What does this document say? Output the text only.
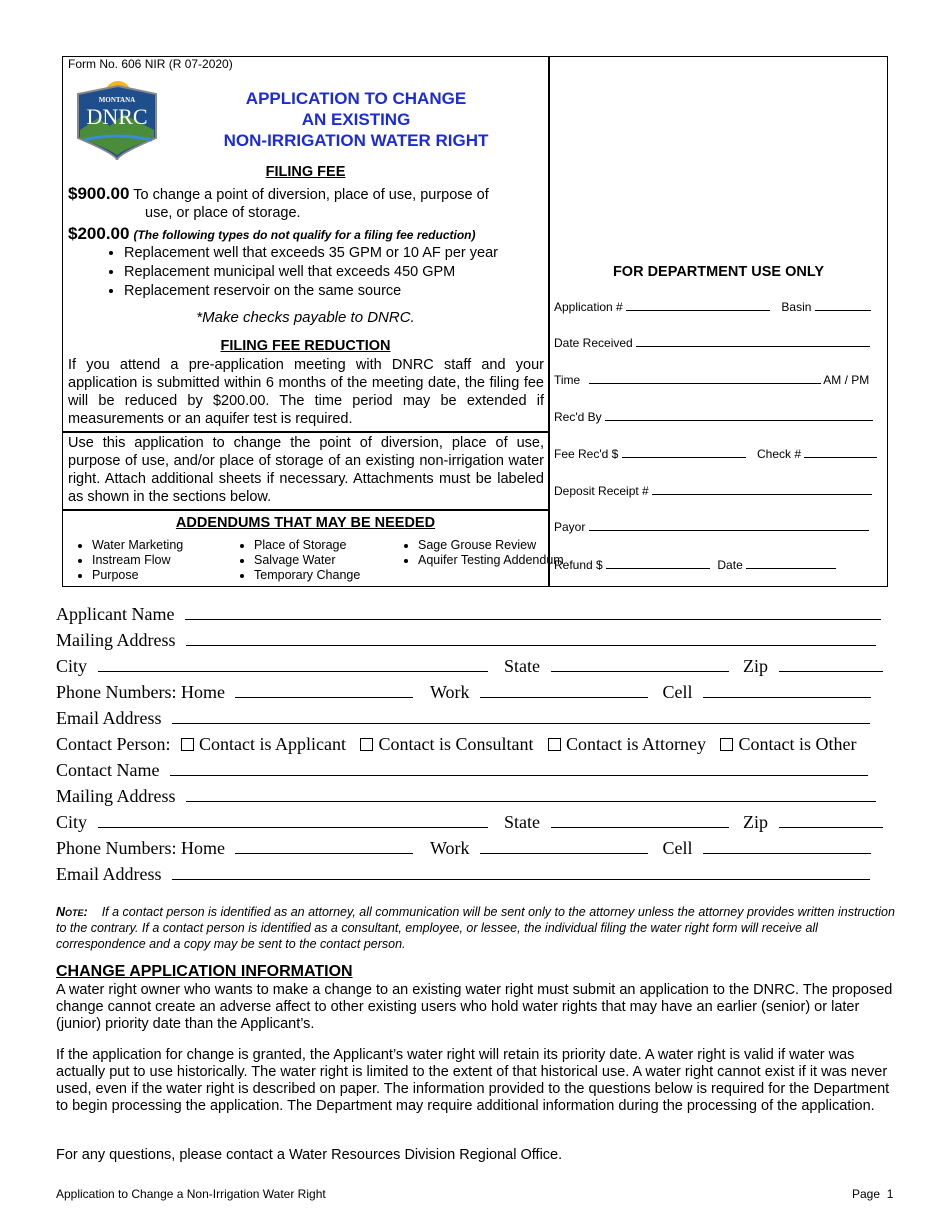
Form No. 606 NIR (R 07-2020)
MONTANA
DNRC
APPLICATION TO CHANGE
AN EXISTING
NON-IRRIGATION WATER RIGHT
FILING FEE
$900.00 To change a point of diversion, place of use, purpose of
use, or place of storage.
$200.00 (The following types do not qualify for a filing fee reduction)
• Replacement well that exceeds 35 GPM or 10 AF per year
• Replacement municipal well that exceeds 450 GPM
• Replacement reservoir on the same source
*Make checks payable to DNRC.
FILING FEE REDUCTION
If you attend a pre-application meeting with DNRC staff and your application is submitted within 6 months of the meeting date, the filing fee will be reduced by $200.00. The time period may be extended if measurements or an aquifer test is required.
Use this application to change the point of diversion, place of use, purpose of use, and/or place of storage of an existing non-irrigation water right. Attach additional sheets if necessary. Attachments must be labeled as shown in the sections below.
ADDENDUMS THAT MAY BE NEEDED
• Water Marketing
• Instream Flow
• Purpose
• Place of Storage
• Salvage Water
• Temporary Change
• Sage Grouse Review
• Aquifer Testing Addendum
FOR DEPARTMENT USE ONLY
Application #	Basin
Date Received
Time	AM / PM
Rec'd By
Fee Rec'd $	Check #
Deposit Receipt #
Payor
Refund $	Date
Applicant Name
Mailing Address
City	State	Zip
Phone Numbers: Home	Work	Cell
Email Address
Contact Person: Contact is Applicant Contact is Consultant Contact is Attorney Contact is Other
Contact Name
Mailing Address
City	State	Zip
Phone Numbers: Home	Work	Cell
Email Address
Note: If a contact person is identified as an attorney, all communication will be sent only to the attorney unless the attorney provides written instruction to the contrary. If a contact person is identified as a consultant, employee, or lessee, the individual filing the water right form will receive all correspondence and a copy may be sent to the contact person.
CHANGE APPLICATION INFORMATION
A water right owner who wants to make a change to an existing water right must submit an application to the DNRC. The proposed change cannot create an adverse affect to other existing users who hold water rights that may have an earlier (senior) or later (junior) priority date than the Applicant’s.
If the application for change is granted, the Applicant’s water right will retain its priority date. A water right is valid if water was actually put to use historically. The water right is limited to the extent of that historical use. A water right cannot exist if it was never used, even if the water right is described on paper. The information provided to the questions below is required for the Department to begin processing the application. The Department may require additional information during the processing of the application.
For any questions, please contact a Water Resources Division Regional Office.
Application to Change a Non-Irrigation Water Right	Page 1
